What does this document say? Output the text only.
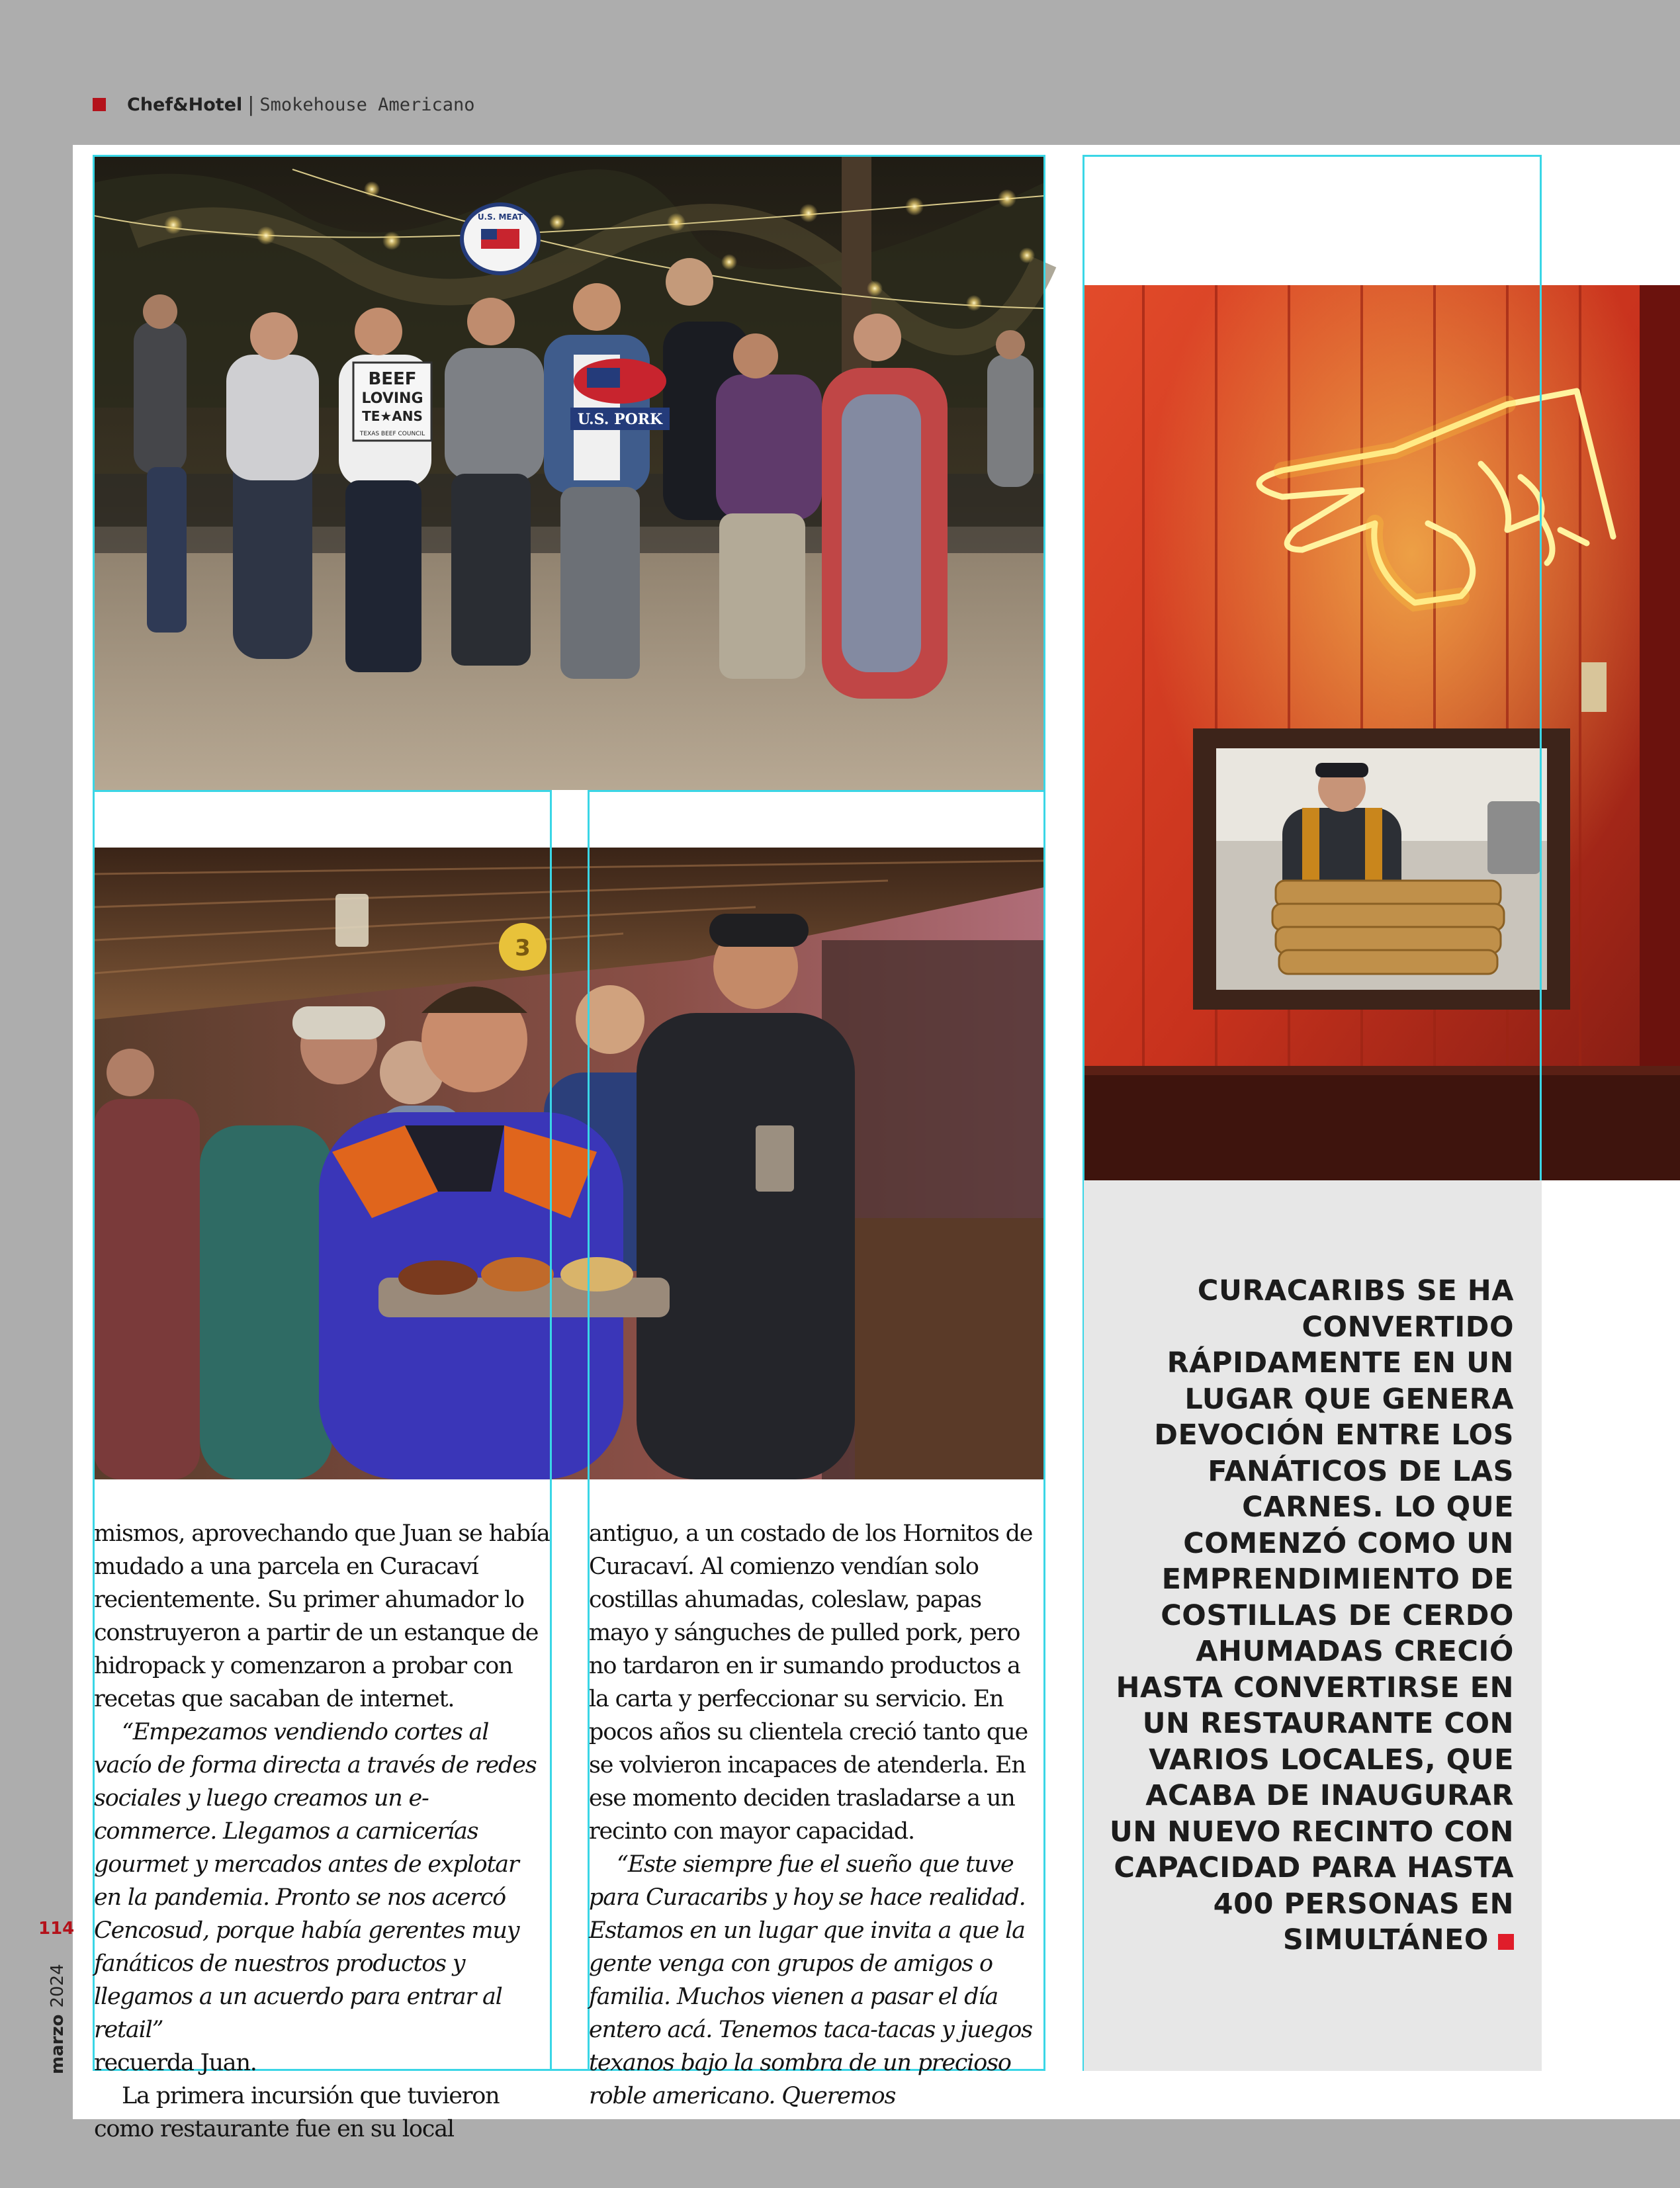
Chef&Hotel | Smokehouse Americano
BEEF
LOVING
TE★ANS
TEXAS BEEF COUNCIL
U.S. MEAT
U.S. PORK
3

mismos, aprovechando que Juan se había mudado a una parcela en Curacaví recientemente. Su primer ahumador lo construyeron a partir de un estanque de hidropack y comenzaron a probar con recetas que sacaban de internet.

“Empezamos vendiendo cortes al vacío de forma directa a través de redes sociales y luego creamos un e-commerce. Llegamos a carnicerías gourmet y mercados antes de explotar en la pandemia. Pronto se nos acercó Cencosud, porque había gerentes muy fanáticos de nuestros productos y llegamos a un acuerdo para entrar al retail”

recuerda Juan.

La primera incursión que tuvieron como restaurante fue en su local

antiguo, a un costado de los Hornitos de Curacaví. Al comienzo vendían solo costillas ahumadas, coleslaw, papas mayo y sánguches de pulled pork, pero no tardaron en ir sumando productos a la carta y perfeccionar su servicio. En pocos años su clientela creció tanto que se volvieron incapaces de atenderla. En ese momento deciden trasladarse a un recinto con mayor capacidad.

“Este siempre fue el sueño que tuve para Curacaribs y hoy se hace realidad. Estamos en un lugar que invita a que la gente venga con grupos de amigos o familia. Muchos vienen a pasar el día entero acá. Tenemos taca-tacas y juegos texanos bajo la sombra de un precioso roble americano. Queremos

CURACARIBS SE HA CONVERTIDO RÁPIDAMENTE EN UN LUGAR QUE GENERA DEVOCIÓN ENTRE LOS FANÁTICOS DE LAS CARNES. LO QUE COMENZÓ COMO UN EMPRENDIMIENTO DE COSTILLAS DE CERDO AHUMADAS CRECIÓ HASTA CONVERTIRSE EN UN RESTAURANTE CON VARIOS LOCALES, QUE ACABA DE INAUGURAR UN NUEVO RECINTO CON CAPACIDAD PARA HASTA 400 PERSONAS EN SIMULTÁNEO
114
marzo2024
